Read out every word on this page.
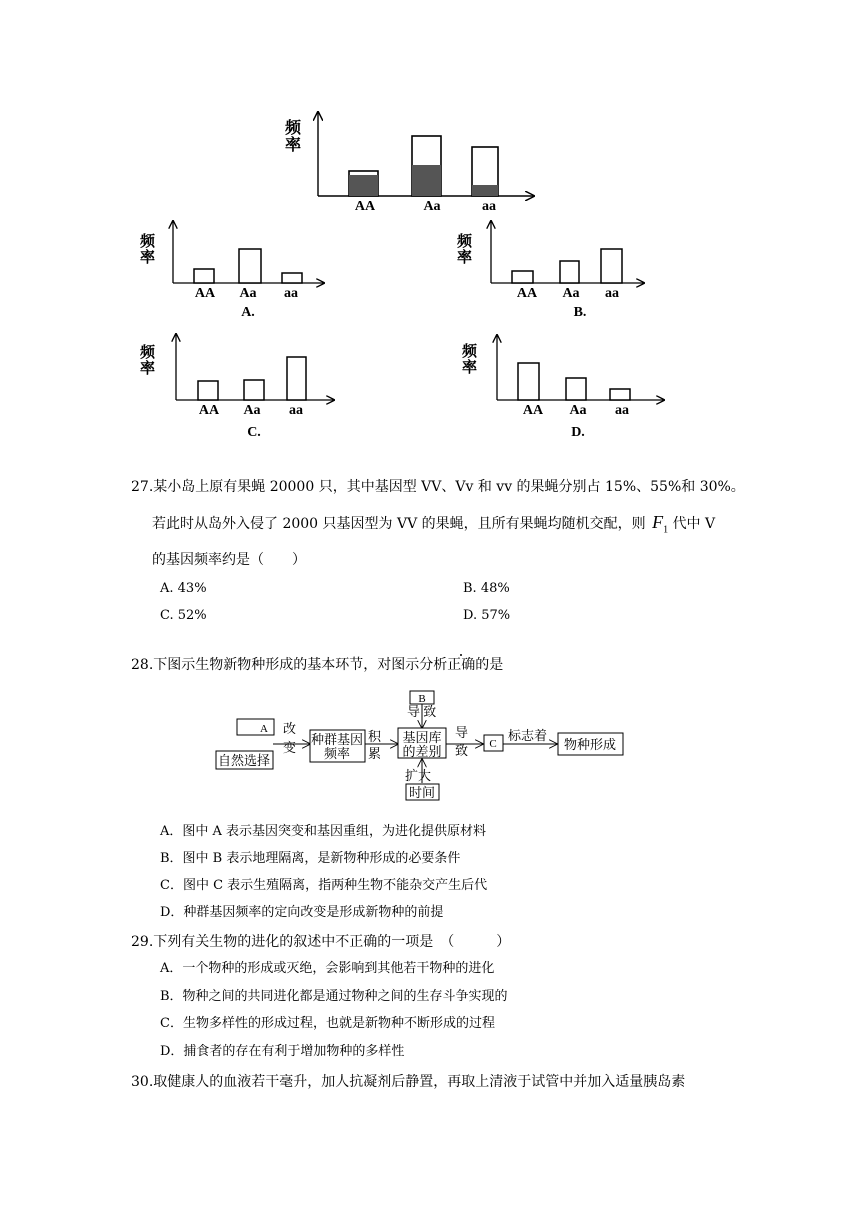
频
率
AA	Aa	aa
频
率
AA Aa aa
A.
频
率
AA Aa aa
B.
频
率
AA Aa aa
C.
频
率
AA Aa aa
D.
27.某小岛上原有果蝇 20000 只，其中基因型 VV、Vv 和 vv 的果蝇分别占 15%、55%和 30%。
若此时从岛外入侵了 2000 只基因型为 VV 的果蝇，且所有果蝇均随机交配，则 $F_1$ 代中 V
的基因频率约是（　　）
A. 43%	B. 48%
C. 52%	D. 57%
28.下图示生物新物种形成的基本环节，对图示分析正确的是
A
自然选择
改
变
种群基因
频率
积
累
B
导 致
基因库
的差别
扩大
时间
导
致 C
标志着
物种形成
A．图中 A 表示基因突变和基因重组，为进化提供原材料
B．图中 B 表示地理隔离，是新物种形成的必要条件
C．图中 C 表示生殖隔离，指两种生物不能杂交产生后代
D．种群基因频率的定向改变是形成新物种的前提
29.下列有关生物的进化的叙述中不正确的一项是　（　　　）
A．一个物种的形成或灭绝，会影响到其他若干物种的进化
B．物种之间的共同进化都是通过物种之间的生存斗争实现的
C．生物多样性的形成过程，也就是新物种不断形成的过程
D．捕食者的存在有利于增加物种的多样性
30.取健康人的血液若干毫升，加人抗凝剂后静置，再取上清液于试管中并加入适量胰岛素
